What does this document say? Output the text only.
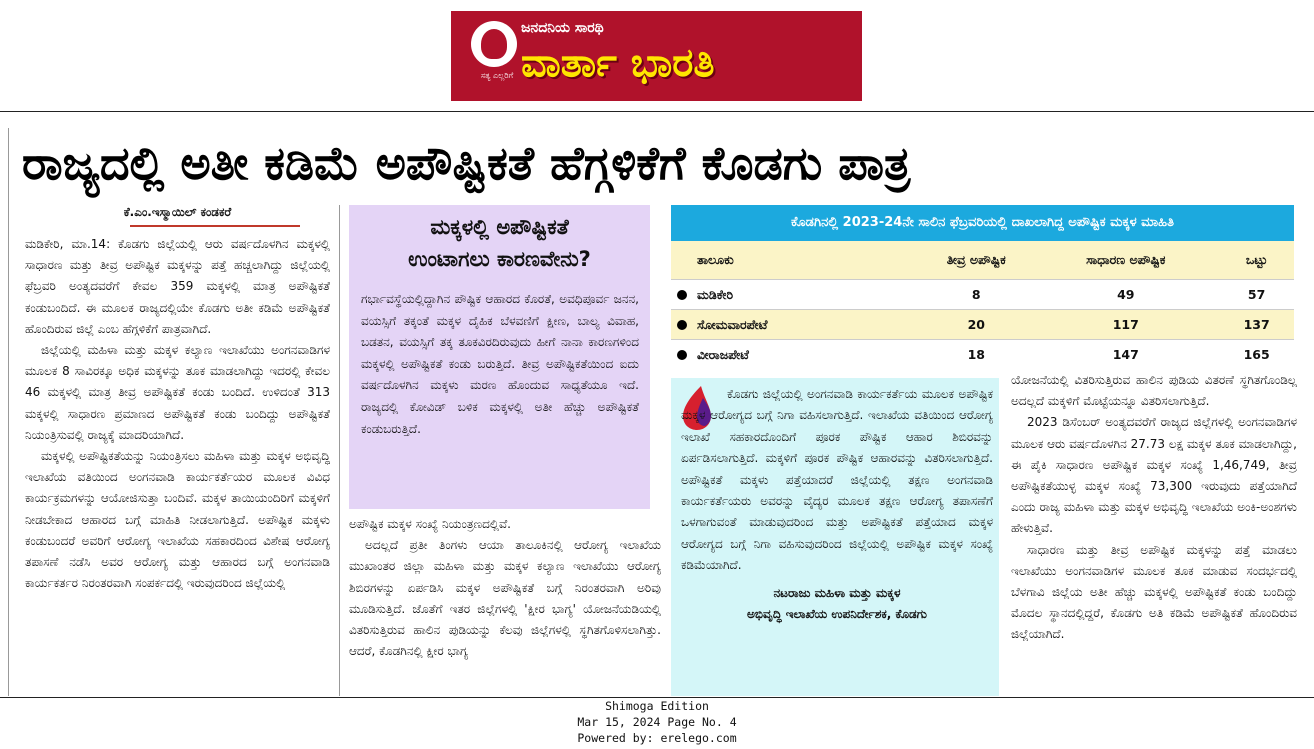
ಸತ್ಯ ಎಲ್ಲರಿಗೆ
ಜನದನಿಯ ಸಾರಥಿ
ವಾರ್ತಾ ಭಾರತಿ
ರಾಜ್ಯದಲ್ಲಿ ಅತೀ ಕಡಿಮೆ ಅಪೌಷ್ಟಿಕತೆ ಹೆಗ್ಗಳಿಕೆಗೆ ಕೊಡಗು ಪಾತ್ರ
ಕೆ.ಎಂ.ಇಸ್ಮಾಯಿಲ್ ಕಂಡಕರೆ

ಮಡಿಕೇರಿ, ಮಾ.14: ಕೊಡಗು ಜಿಲ್ಲೆಯಲ್ಲಿ ಆರು ವರ್ಷದೊಳಗಿನ ಮಕ್ಕಳಲ್ಲಿ ಸಾಧಾರಣ ಮತ್ತು ತೀವ್ರ ಅಪೌಷ್ಟಿಕ ಮಕ್ಕಳನ್ನು ಪತ್ತೆ ಹಚ್ಚಲಾಗಿದ್ದು ಜಿಲ್ಲೆಯಲ್ಲಿ ಫೆಬ್ರವರಿ ಅಂತ್ಯದವರೆಗೆ ಕೇವಲ 359 ಮಕ್ಕಳಲ್ಲಿ ಮಾತ್ರ ಅಪೌಷ್ಟಿಕತೆ ಕಂಡುಬಂದಿದೆ. ಈ ಮೂಲಕ ರಾಜ್ಯದಲ್ಲಿಯೇ ಕೊಡಗು ಅತೀ ಕಡಿಮೆ ಅಪೌಷ್ಟಿಕತೆ ಹೊಂದಿರುವ ಜಿಲ್ಲೆ ಎಂಬ ಹೆಗ್ಗಳಿಕೆಗೆ ಪಾತ್ರವಾಗಿದೆ.

ಜಿಲ್ಲೆಯಲ್ಲಿ ಮಹಿಳಾ ಮತ್ತು ಮಕ್ಕಳ ಕಲ್ಯಾಣ ಇಲಾಖೆಯು ಅಂಗನವಾಡಿಗಳ ಮೂಲಕ 8 ಸಾವಿರಕ್ಕೂ ಅಧಿಕ ಮಕ್ಕಳನ್ನು ತೂಕ ಮಾಡಲಾಗಿದ್ದು ಇದರಲ್ಲಿ ಕೇವಲ 46 ಮಕ್ಕಳಲ್ಲಿ ಮಾತ್ರ ತೀವ್ರ ಅಪೌಷ್ಟಿಕತೆ ಕಂಡು ಬಂದಿದೆ. ಉಳಿದಂತೆ 313 ಮಕ್ಕಳಲ್ಲಿ ಸಾಧಾರಣ ಪ್ರಮಾಣದ ಅಪೌಷ್ಟಿಕತೆ ಕಂಡು ಬಂದಿದ್ದು ಅಪೌಷ್ಟಿಕತೆ ನಿಯಂತ್ರಿಸುವಲ್ಲಿ ರಾಜ್ಯಕ್ಕೆ ಮಾದರಿಯಾಗಿದೆ.

ಮಕ್ಕಳಲ್ಲಿ ಅಪೌಷ್ಟಿಕತೆಯನ್ನು ನಿಯಂತ್ರಿಸಲು ಮಹಿಳಾ ಮತ್ತು ಮಕ್ಕಳ ಅಭಿವೃದ್ಧಿ ಇಲಾಖೆಯ ವತಿಯಿಂದ ಅಂಗನವಾಡಿ ಕಾರ್ಯಕರ್ತೆಯರ ಮೂಲಕ ವಿವಿಧ ಕಾರ್ಯಕ್ರಮಗಳನ್ನು ಆಯೋಜಿಸುತ್ತಾ ಬಂದಿವೆ. ಮಕ್ಕಳ ತಾಯಿಯಂದಿರಿಗೆ ಮಕ್ಕಳಿಗೆ ನೀಡಬೇಕಾದ ಆಹಾರದ ಬಗ್ಗೆ ಮಾಹಿತಿ ನೀಡಲಾಗುತ್ತಿದೆ. ಅಪೌಷ್ಟಿಕ ಮಕ್ಕಳು ಕಂಡುಬಂದರೆ ಅವರಿಗೆ ಆರೋಗ್ಯ ಇಲಾಖೆಯ ಸಹಕಾರದಿಂದ ವಿಶೇಷ ಆರೋಗ್ಯ ತಪಾಸಣೆ ನಡೆಸಿ ಅವರ ಆರೋಗ್ಯ ಮತ್ತು ಆಹಾರದ ಬಗ್ಗೆ ಅಂಗನವಾಡಿ ಕಾರ್ಯಕರ್ತರ ನಿರಂತರವಾಗಿ ಸಂಪರ್ಕದಲ್ಲಿ ಇರುವುದರಿಂದ ಜಿಲ್ಲೆಯಲ್ಲಿ

ಮಕ್ಕಳಲ್ಲಿ ಅಪೌಷ್ಟಿಕತೆ
ಉಂಟಾಗಲು ಕಾರಣವೇನು?
ಗರ್ಭಾವಸ್ಥೆಯಲ್ಲಿದ್ದಾಗಿನ ಪೌಷ್ಟಿಕ ಆಹಾರದ ಕೊರತೆ, ಅವಧಿಪೂರ್ವ ಜನನ, ವಯಸ್ಸಿಗೆ ತಕ್ಕಂತೆ ಮಕ್ಕಳ ದೈಹಿಕ ಬೆಳವಣಿಗೆ ಕ್ಷೀಣ, ಬಾಲ್ಯ ವಿವಾಹ, ಬಡತನ, ವಯಸ್ಸಿಗೆ ತಕ್ಕ ತೂಕವಿರದಿರುವುದು ಹೀಗೆ ನಾನಾ ಕಾರಣಗಳಿಂದ ಮಕ್ಕಳಲ್ಲಿ ಅಪೌಷ್ಟಿಕತೆ ಕಂಡು ಬರುತ್ತಿದೆ. ತೀವ್ರ ಅಪೌಷ್ಟಿಕತೆಯಿಂದ ಐದು ವರ್ಷದೊಳಗಿನ ಮಕ್ಕಳು ಮರಣ ಹೊಂದುವ ಸಾಧ್ಯತೆಯೂ ಇದೆ. ರಾಜ್ಯದಲ್ಲಿ ಕೋವಿಡ್ ಬಳಿಕ ಮಕ್ಕಳಲ್ಲಿ ಅತೀ ಹೆಚ್ಚು ಅಪೌಷ್ಟಿಕತೆ ಕಂಡುಬರುತ್ತಿದೆ.

ಅಪೌಷ್ಟಿಕ ಮಕ್ಕಳ ಸಂಖ್ಯೆ ನಿಯಂತ್ರಣದಲ್ಲಿವೆ.

ಅದಲ್ಲದೆ ಪ್ರತೀ ತಿಂಗಳು ಆಯಾ ತಾಲೂಕಿನಲ್ಲಿ ಆರೋಗ್ಯ ಇಲಾಖೆಯ ಮುಖಾಂತರ ಜಿಲ್ಲಾ ಮಹಿಳಾ ಮತ್ತು ಮಕ್ಕಳ ಕಲ್ಯಾಣ ಇಲಾಖೆಯು ಆರೋಗ್ಯ ಶಿಬಿರಗಳನ್ನು ಏರ್ಪಡಿಸಿ ಮಕ್ಕಳ ಅಪೌಷ್ಟಿಕತೆ ಬಗ್ಗೆ ನಿರಂತರವಾಗಿ ಅರಿವು ಮೂಡಿಸುತ್ತಿದೆ. ಜೊತೆಗೆ ಇತರ ಜಿಲ್ಲೆಗಳಲ್ಲಿ 'ಕ್ಷೀರ ಭಾಗ್ಯ' ಯೋಜನೆಯಡಿಯಲ್ಲಿ ವಿತರಿಸುತ್ತಿರುವ ಹಾಲಿನ ಪುಡಿಯನ್ನು ಕೆಲವು ಜಿಲ್ಲೆಗಳಲ್ಲಿ ಸ್ಥಗಿತಗೊಳಿಸಲಾಗಿತ್ತು. ಆದರೆ, ಕೊಡಗಿನಲ್ಲಿ ಕ್ಷೀರ ಭಾಗ್ಯ

ಕೊಡಗಿನಲ್ಲಿ 2023-24ನೇ ಸಾಲಿನ ಫೆಬ್ರವರಿಯಲ್ಲಿ ದಾಖಲಾಗಿದ್ದ ಅಪೌಷ್ಟಿಕ ಮಕ್ಕಳ ಮಾಹಿತಿ
ತಾಲೂಕು	ತೀವ್ರ ಅಪೌಷ್ಟಿಕ	ಸಾಧಾರಣ ಅಪೌಷ್ಟಿಕ	ಒಟ್ಟು
ಮಡಿಕೇರಿ	8	49	57
ಸೋಮವಾರಪೇಟೆ	20	117	137
ವೀರಾಜಪೇಟೆ	18	147	165

ಕೊಡಗು ಜಿಲ್ಲೆಯಲ್ಲಿ ಅಂಗನವಾಡಿ ಕಾರ್ಯಕರ್ತೆಯ ಮೂಲಕ ಅಪೌಷ್ಟಿಕ ಮಕ್ಕಳ ಆರೋಗ್ಯದ ಬಗ್ಗೆ ನಿಗಾ ವಹಿಸಲಾಗುತ್ತಿದೆ. ಇಲಾಖೆಯ ವತಿಯಿಂದ ಆರೋಗ್ಯ ಇಲಾಖೆ ಸಹಕಾರದೊಂದಿಗೆ ಪೂರಕ ಪೌಷ್ಟಿಕ ಆಹಾರ ಶಿಬಿರವನ್ನು ಏರ್ಪಡಿಸಲಾಗುತ್ತಿದೆ. ಮಕ್ಕಳಿಗೆ ಪೂರಕ ಪೌಷ್ಟಿಕ ಆಹಾರವನ್ನು ವಿತರಿಸಲಾಗುತ್ತಿದೆ. ಅಪೌಷ್ಟಿಕತೆ ಮಕ್ಕಳು ಪತ್ತೆಯಾದರೆ ಜಿಲ್ಲೆಯಲ್ಲಿ ತಕ್ಷಣ ಅಂಗನವಾಡಿ ಕಾರ್ಯಕರ್ತೆಯರು ಅವರನ್ನು ವೈದ್ಯರ ಮೂಲಕ ತಕ್ಷಣ ಆರೋಗ್ಯ ತಪಾಸಣೆಗೆ ಒಳಗಾಗುವಂತೆ ಮಾಡುವುದರಿಂದ ಮತ್ತು ಅಪೌಷ್ಟಿಕತೆ ಪತ್ತೆಯಾದ ಮಕ್ಕಳ ಆರೋಗ್ಯದ ಬಗ್ಗೆ ನಿಗಾ ವಹಿಸುವುದರಿಂದ ಜಿಲ್ಲೆಯಲ್ಲಿ ಅಪೌಷ್ಟಿಕ ಮಕ್ಕಳ ಸಂಖ್ಯೆ ಕಡಿಮೆಯಾಗಿದೆ.

ನಟರಾಜು ಮಹಿಳಾ ಮತ್ತು ಮಕ್ಕಳ

ಅಭಿವೃದ್ಧಿ ಇಲಾಖೆಯ ಉಪನಿರ್ದೇಶಕ, ಕೊಡಗು

ಯೋಜನೆಯಲ್ಲಿ ವಿತರಿಸುತ್ತಿರುವ ಹಾಲಿನ ಪುಡಿಯ ವಿತರಣೆ ಸ್ಥಗಿತಗೊಂಡಿಲ್ಲ ಅದಲ್ಲದೆ ಮಕ್ಕಳಿಗೆ ಮೊಟ್ಟೆಯನ್ನೂ ವಿತರಿಸಲಾಗುತ್ತಿದೆ.

2023 ಡಿಸೆಂಬರ್ ಅಂತ್ಯದವರೆಗೆ ರಾಜ್ಯದ ಜಿಲ್ಲೆಗಳಲ್ಲಿ ಅಂಗನವಾಡಿಗಳ ಮೂಲಕ ಆರು ವರ್ಷದೊಳಗಿನ 27.73 ಲಕ್ಷ ಮಕ್ಕಳ ತೂಕ ಮಾಡಲಾಗಿದ್ದು, ಈ ಪೈಕಿ ಸಾಧಾರಣ ಅಪೌಷ್ಟಿಕ ಮಕ್ಕಳ ಸಂಖ್ಯೆ 1,46,749, ತೀವ್ರ ಅಪೌಷ್ಟಿಕತೆಯುಳ್ಳ ಮಕ್ಕಳ ಸಂಖ್ಯೆ 73,300 ಇರುವುದು ಪತ್ತೆಯಾಗಿದೆ ಎಂದು ರಾಜ್ಯ ಮಹಿಳಾ ಮತ್ತು ಮಕ್ಕಳ ಅಭಿವೃದ್ಧಿ ಇಲಾಖೆಯ ಅಂಕಿ-ಅಂಶಗಳು ಹೇಳುತ್ತಿವೆ.

ಸಾಧಾರಣ ಮತ್ತು ತೀವ್ರ ಅಪೌಷ್ಟಿಕ ಮಕ್ಕಳನ್ನು ಪತ್ತೆ ಮಾಡಲು ಇಲಾಖೆಯು ಅಂಗನವಾಡಿಗಳ ಮೂಲಕ ತೂಕ ಮಾಡುವ ಸಂದರ್ಭದಲ್ಲಿ ಬೆಳಗಾವಿ ಜಿಲ್ಲೆಯ ಅತೀ ಹೆಚ್ಚು ಮಕ್ಕಳಲ್ಲಿ ಅಪೌಷ್ಟಿಕತೆ ಕಂಡು ಬಂದಿದ್ದು ಮೊದಲ ಸ್ಥಾನದಲ್ಲಿದ್ದರೆ, ಕೊಡಗು ಅತಿ ಕಡಿಮೆ ಅಪೌಷ್ಟಿಕತೆ ಹೊಂದಿರುವ ಜಿಲ್ಲೆಯಾಗಿದೆ.

Shimoga Edition
Mar 15, 2024 Page No. 4
Powered by: erelego.com
